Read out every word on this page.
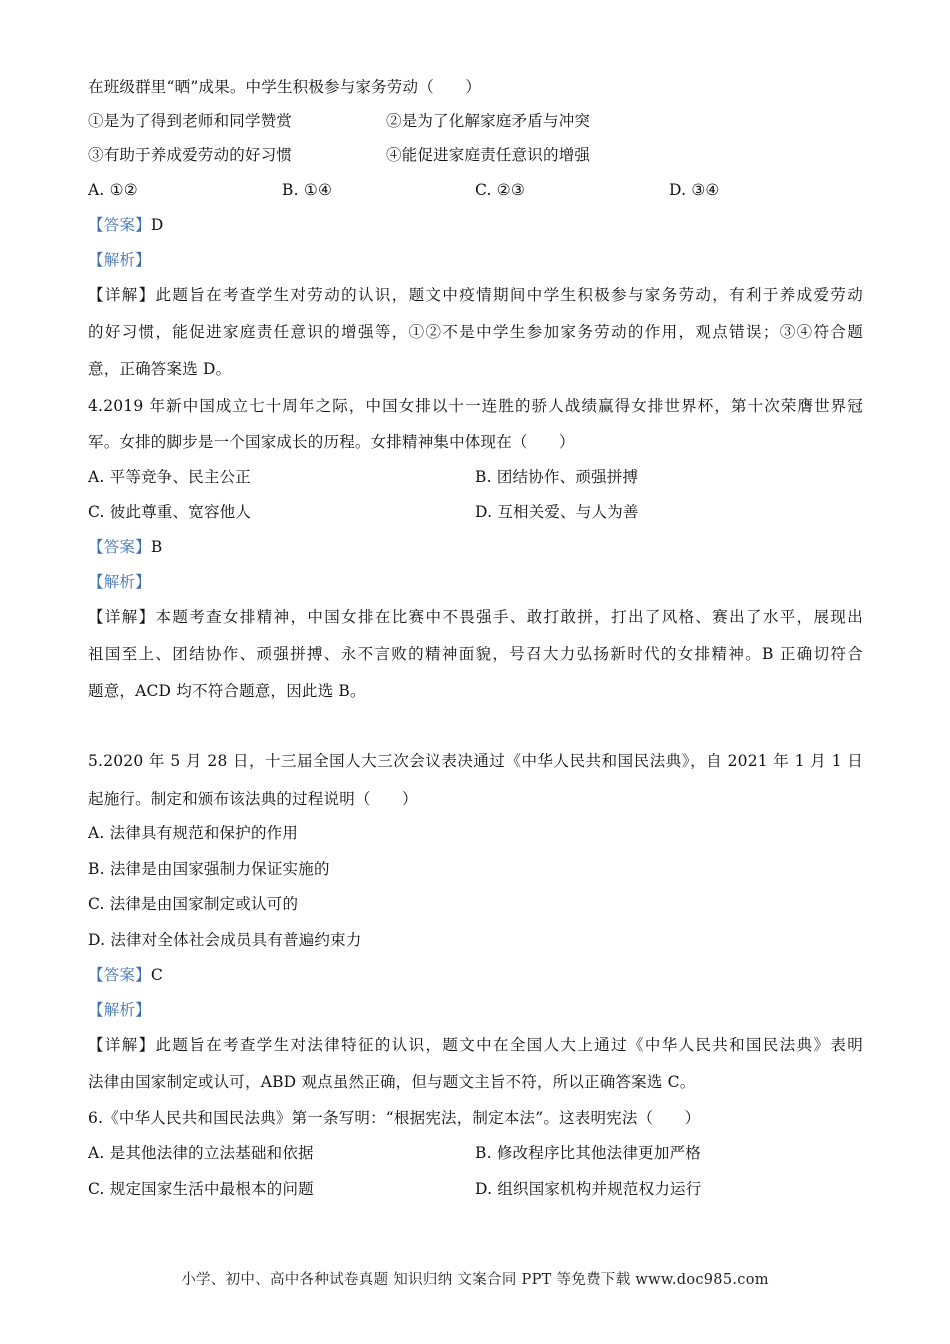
在班级群里“晒”成果。中学生积极参与家务劳动（　　）
①是为了得到老师和同学赞赏	②是为了化解家庭矛盾与冲突
③有助于养成爱劳动的好习惯	④能促进家庭责任意识的增强
A. ①②	B. ①④	C. ②③	D. ③④
【答案】D
【解析】
【详解】此题旨在考查学生对劳动的认识，题文中疫情期间中学生积极参与家务劳动，有利于养成爱劳动
的好习惯，能促进家庭责任意识的增强等，①②不是中学生参加家务劳动的作用，观点错误；③④符合题
意，正确答案选 D。
4.2019 年新中国成立七十周年之际，中国女排以十一连胜的骄人战绩赢得女排世界杯，第十次荣膺世界冠
军。女排的脚步是一个国家成长的历程。女排精神集中体现在（　　）
A. 平等竞争、民主公正	B. 团结协作、顽强拼搏
C. 彼此尊重、宽容他人	D. 互相关爱、与人为善
【答案】B
【解析】
【详解】本题考查女排精神，中国女排在比赛中不畏强手、敢打敢拼，打出了风格、赛出了水平，展现出
祖国至上、团结协作、顽强拼搏、永不言败的精神面貌，号召大力弘扬新时代的女排精神。B 正确切符合
题意，ACD 均不符合题意，因此选 B。
5.2020 年 5 月 28 日，十三届全国人大三次会议表决通过《中华人民共和国民法典》，自 2021 年 1 月 1 日
起施行。制定和颁布该法典的过程说明（　　）
A. 法律具有规范和保护的作用
B. 法律是由国家强制力保证实施的
C. 法律是由国家制定或认可的
D. 法律对全体社会成员具有普遍约束力
【答案】C
【解析】
【详解】此题旨在考查学生对法律特征的认识，题文中在全国人大上通过《中华人民共和国民法典》表明
法律由国家制定或认可，ABD 观点虽然正确，但与题文主旨不符，所以正确答案选 C。
6.《中华人民共和国民法典》第一条写明：“根据宪法，制定本法”。这表明宪法（　　）
A. 是其他法律的立法基础和依据	B. 修改程序比其他法律更加严格
C. 规定国家生活中最根本的问题	D. 组织国家机构并规范权力运行
小学、初中、高中各种试卷真题 知识归纳 文案合同 PPT 等免费下载 www.doc985.com
